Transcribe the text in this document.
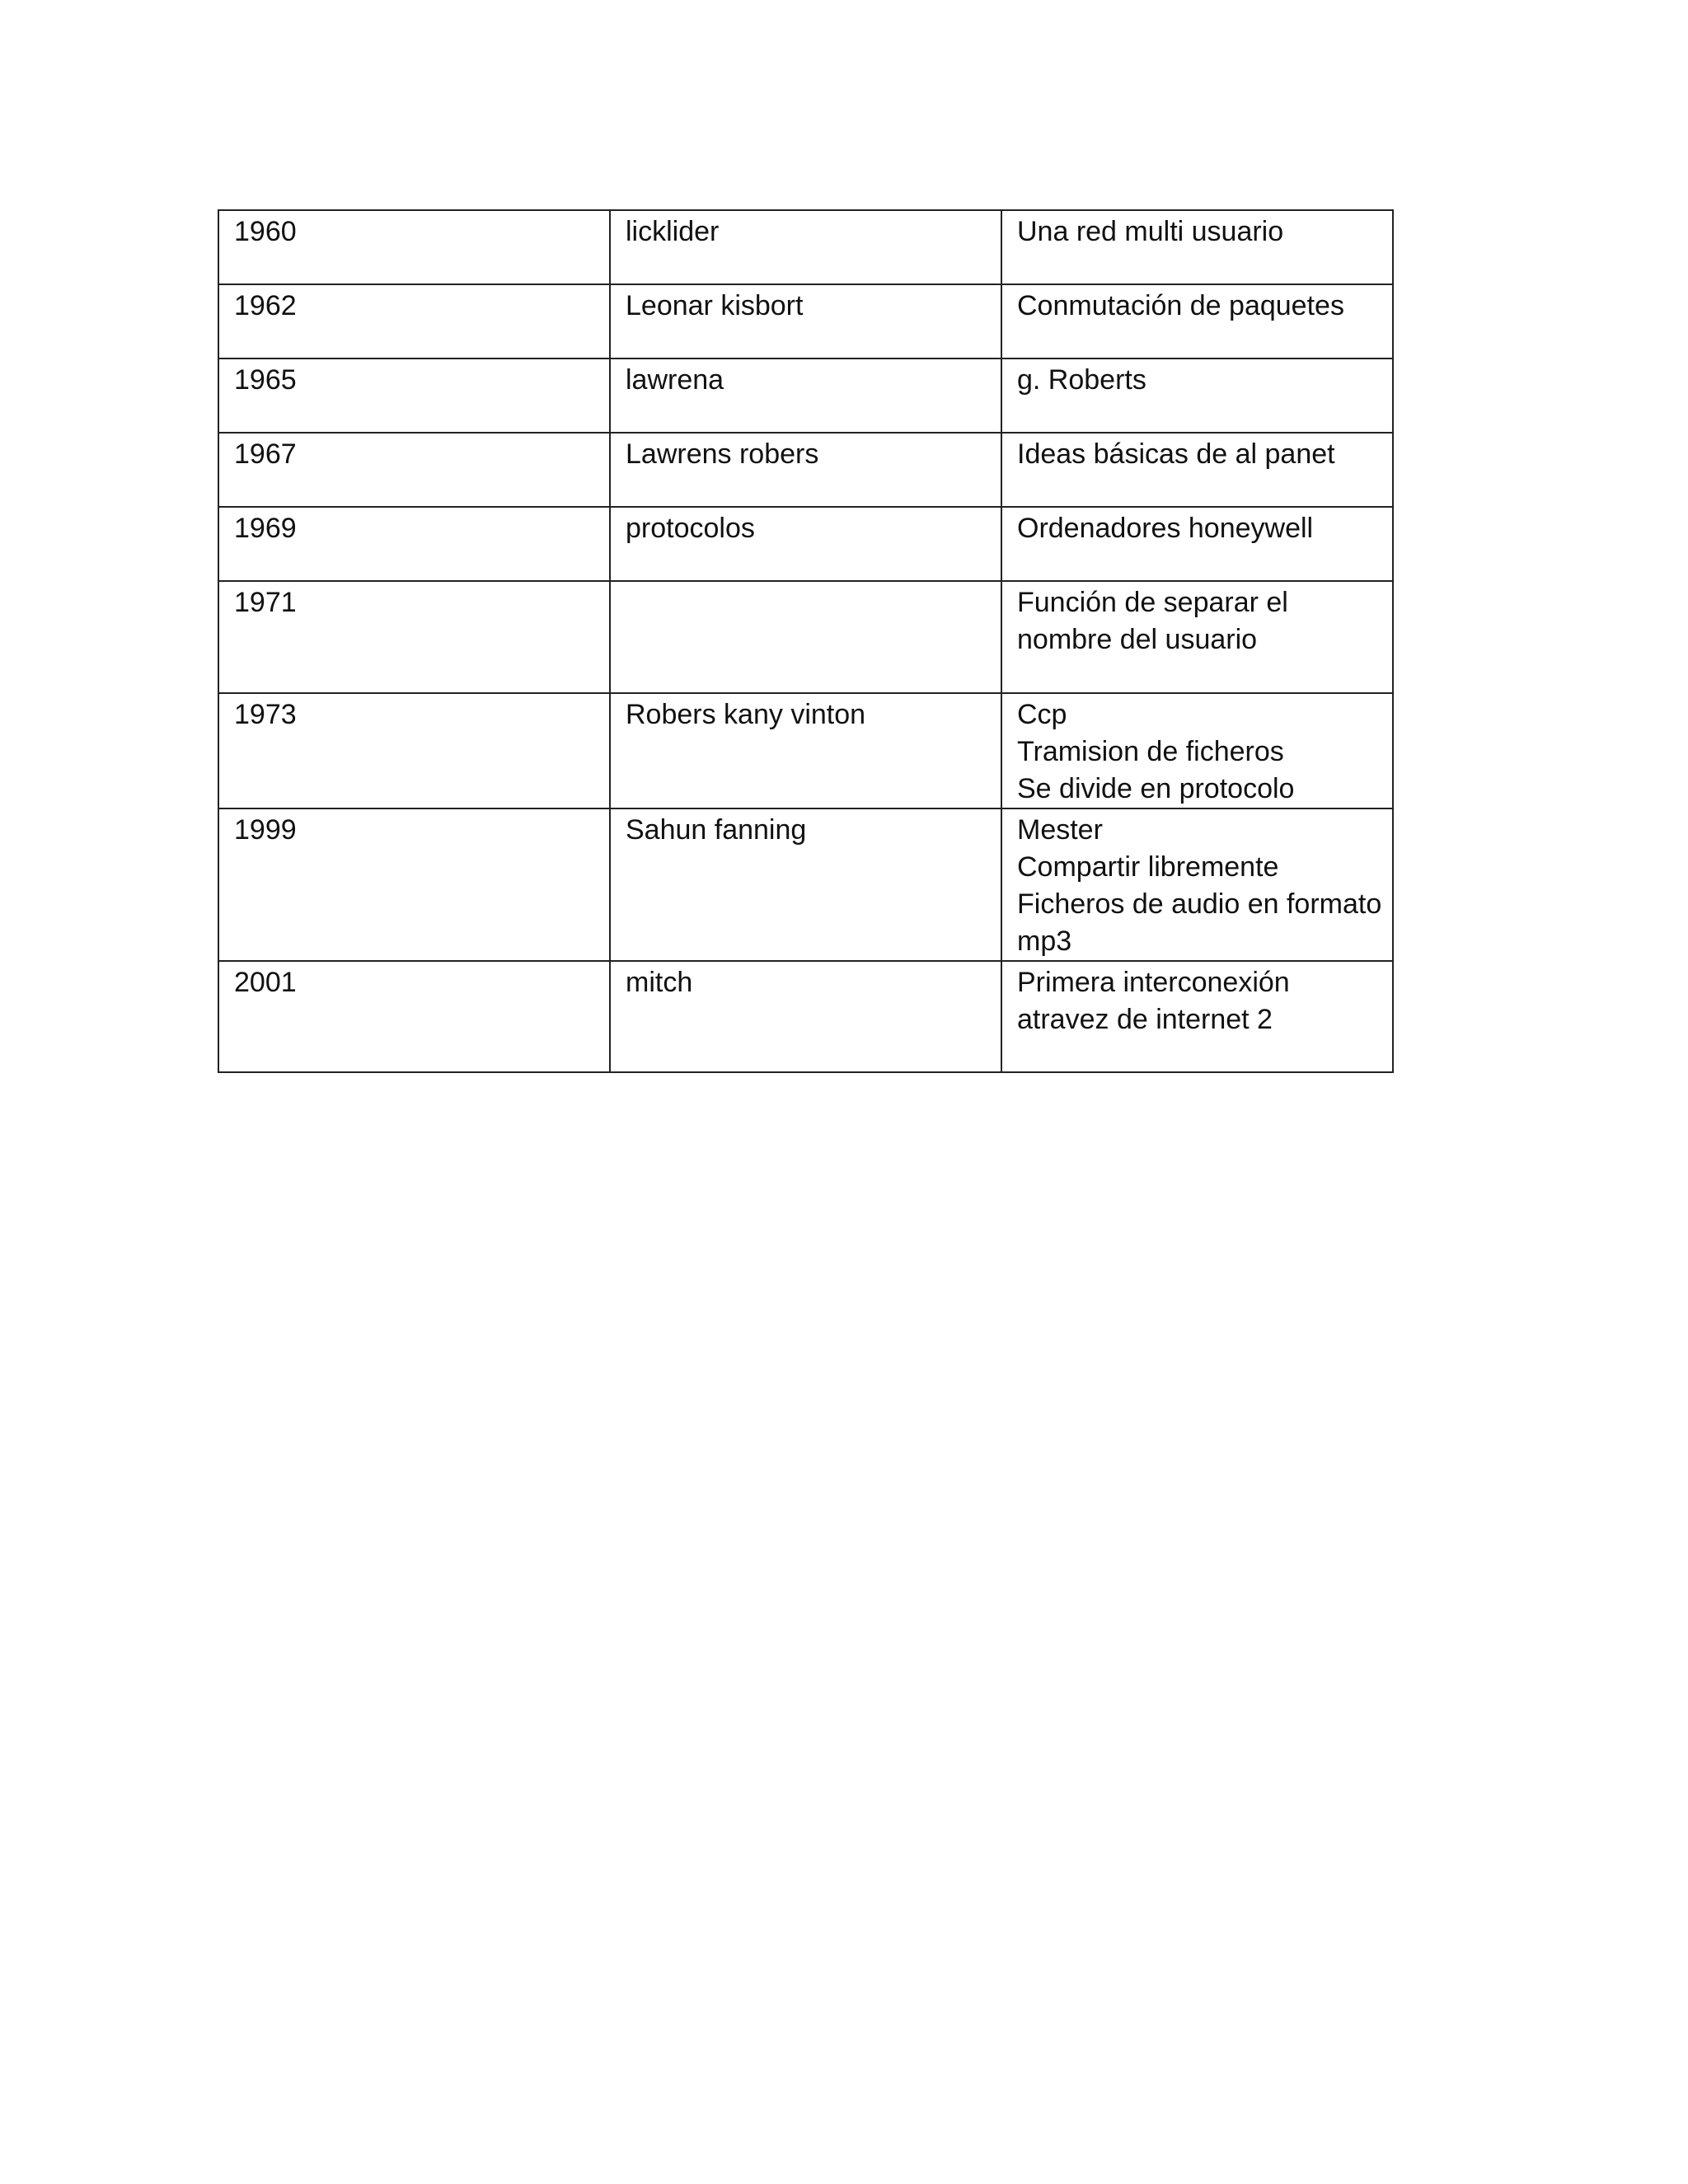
1960	licklider	Una red multi usuario

1962	Leonar kisbort	Conmutación de paquetes

1965	lawrena	g. Roberts

1967	Lawrens robers	Ideas básicas de al panet

1969	protocolos	Ordenadores honeywell

1971		Función de separar el
nombre del usuario

1973	Robers kany vinton	Ccp
Tramision de ficheros
Se divide en protocolo

1999	Sahun fanning	Mester
Compartir libremente
Ficheros de audio en formato
mp3

2001	mitch	Primera interconexión
atravez de internet 2
